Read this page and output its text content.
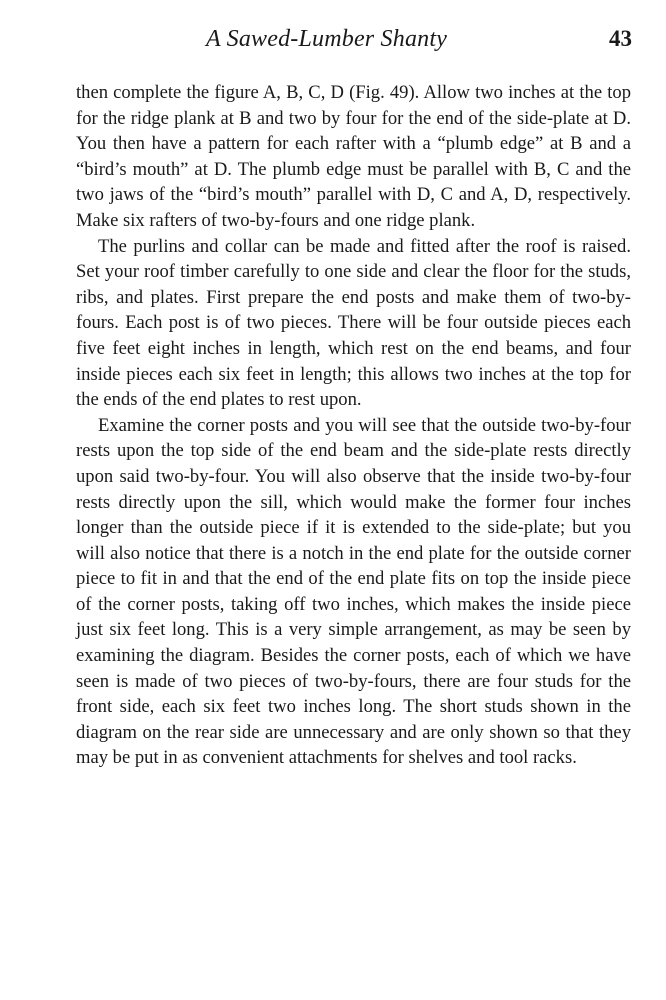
A Sawed-Lumber Shanty	43

then complete the figure A, B, C, D (Fig. 49). Allow two inches at the top for the ridge plank at B and two by four for the end of the side-plate at D. You then have a pattern for each rafter with a “plumb edge” at B and a “bird’s mouth” at D. The plumb edge must be parallel with B, C and the two jaws of the “bird’s mouth” parallel with D, C and A, D, respectively. Make six rafters of two-by-fours and one ridge plank.

The purlins and collar can be made and fitted after the roof is raised. Set your roof timber carefully to one side and clear the floor for the studs, ribs, and plates. First prepare the end posts and make them of two-by-fours. Each post is of two pieces. There will be four outside pieces each five feet eight inches in length, which rest on the end beams, and four inside pieces each six feet in length; this allows two inches at the top for the ends of the end plates to rest upon.

Examine the corner posts and you will see that the outside two-by-four rests upon the top side of the end beam and the side-plate rests directly upon said two-by-four. You will also observe that the inside two-by-four rests directly upon the sill, which would make the former four inches longer than the outside piece if it is extended to the side-plate; but you will also notice that there is a notch in the end plate for the outside corner piece to fit in and that the end of the end plate fits on top the inside piece of the corner posts, taking off two inches, which makes the inside piece just six feet long. This is a very simple arrangement, as may be seen by examining the diagram. Besides the corner posts, each of which we have seen is made of two pieces of two-by-fours, there are four studs for the front side, each six feet two inches long. The short studs shown in the diagram on the rear side are unnecessary and are only shown so that they may be put in as convenient attachments for shelves and tool racks.
